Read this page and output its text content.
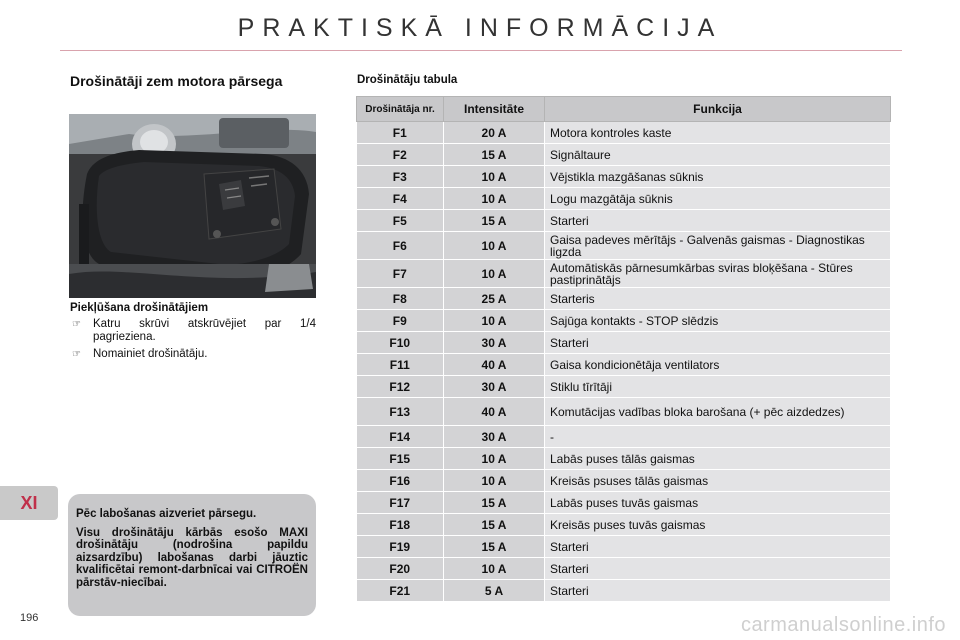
PRAKTISKĀ INFORMĀCIJA
Drošinātāji zem motora pārsega
Piekļūšana drošinātājiem
☞ Katru skrūvi atskrūvējiet par 1/4 pagrieziena.
☞ Nomainiet drošinātāju.
XI
Pēc labošanas aizveriet pārsegu.
Visu drošinātāju kārbās esošo MAXI drošinātāju (nodrošina papildu aizsardzību) labošanas darbi jāuztic kvalificētai remont-darbnīcai vai CITROËN pārstāv-niecībai.
196
Drošinātāju tabula
Drošinātāja nr.	Intensitāte	Funkcija
F1	20 A	Motora kontroles kaste
F2	15 A	Signāltaure
F3	10 A	Vējstikla mazgāšanas sūknis
F4	10 A	Logu mazgātāja sūknis
F5	15 A	Starteri
F6	10 A	Gaisa padeves mērītājs - Galvenās gaismas - Diagnostikas ligzda
F7	10 A	Automātiskās pārnesumkārbas sviras bloķēšana - Stūres pastiprinātājs
F8	25 A	Starteris
F9	10 A	Sajūga kontakts - STOP slēdzis
F10	30 A	Starteri
F11	40 A	Gaisa kondicionētāja ventilators
F12	30 A	Stiklu tīrītāji
F13	40 A	Komutācijas vadības bloka barošana (+ pēc aizdedzes)
F14	30 A	-
F15	10 A	Labās puses tālās gaismas
F16	10 A	Kreisās psuses tālās gaismas
F17	15 A	Labās puses tuvās gaismas
F18	15 A	Kreisās puses tuvās gaismas
F19	15 A	Starteri
F20	10 A	Starteri
F21	5 A	Starteri
carmanualsonline.info
